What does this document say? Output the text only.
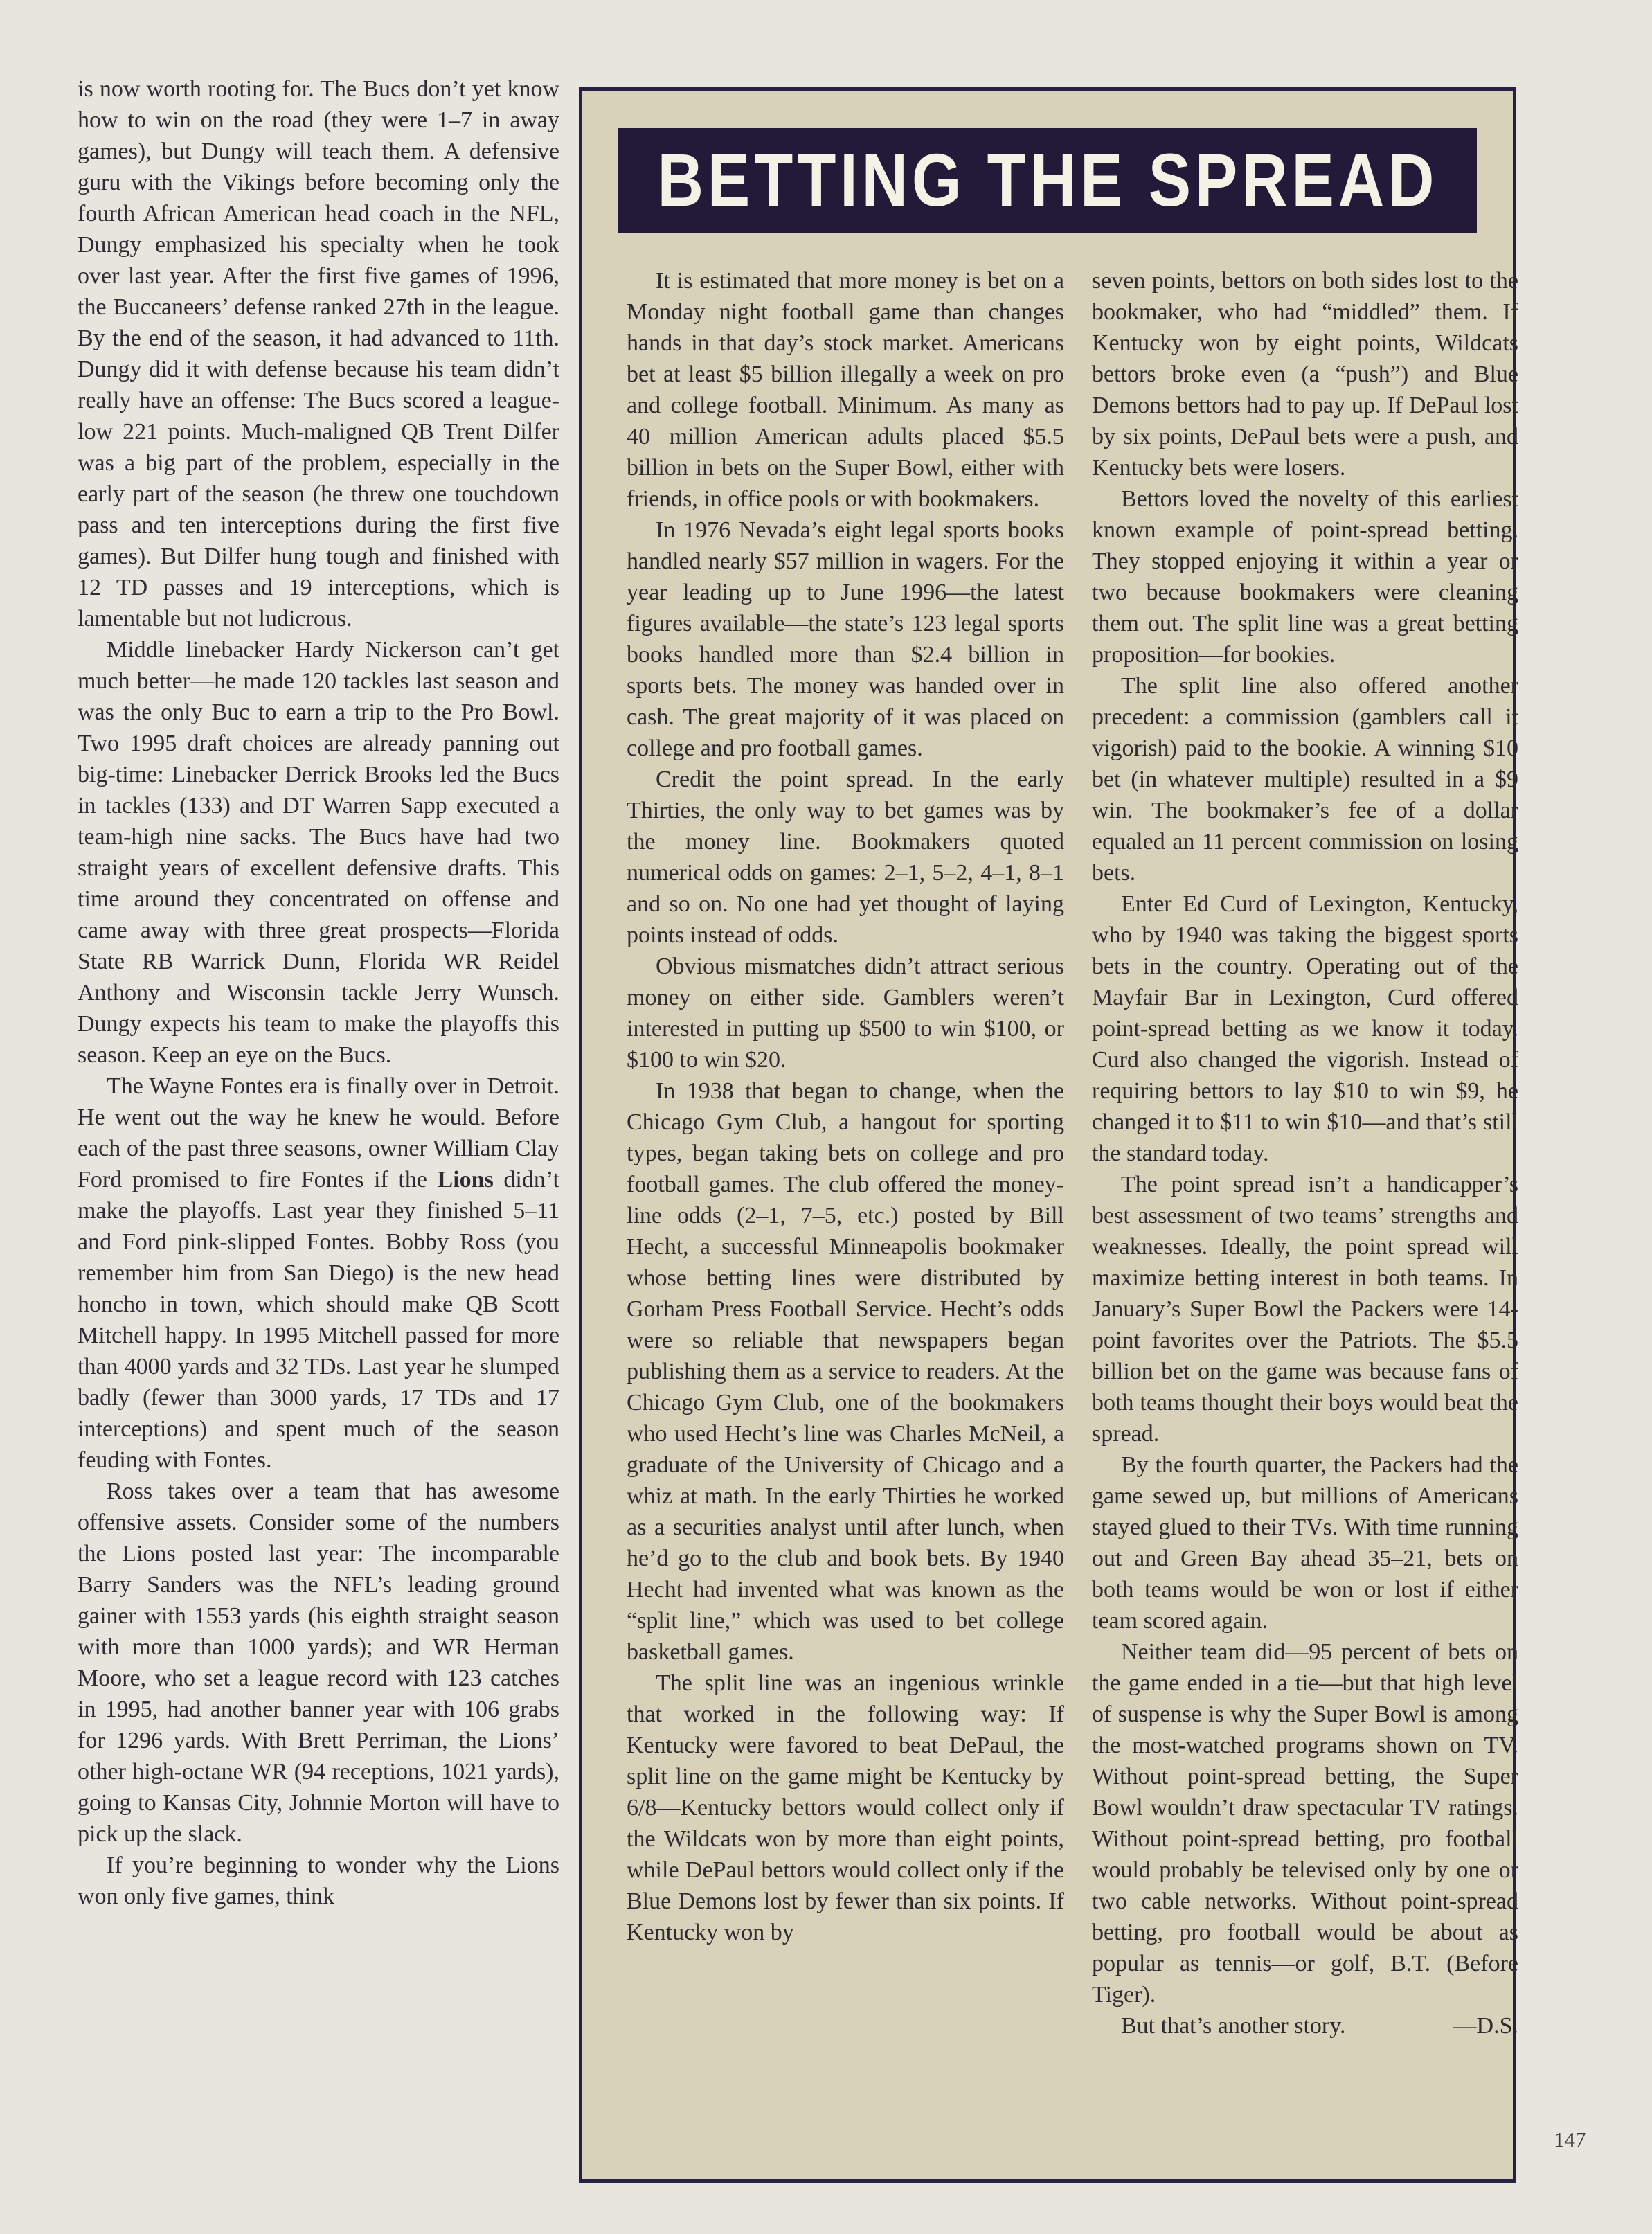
is now worth rooting for. The Bucs don’t yet know how to win on the road (they were 1–7 in away games), but Dungy will teach them. A defensive guru with the Vikings before becoming only the fourth African American head coach in the NFL, Dungy emphasized his specialty when he took over last year. After the first five games of 1996, the Buccaneers’ defense ranked 27th in the league. By the end of the season, it had advanced to 11th. Dungy did it with defense because his team didn’t really have an offense: The Bucs scored a league-low 221 points. Much-maligned QB Trent Dilfer was a big part of the problem, especially in the early part of the season (he threw one touchdown pass and ten interceptions during the first five games). But Dilfer hung tough and finished with 12 TD passes and 19 interceptions, which is lamentable but not ludicrous.

Middle linebacker Hardy Nickerson can’t get much better—he made 120 tackles last season and was the only Buc to earn a trip to the Pro Bowl. Two 1995 draft choices are already panning out big-time: Linebacker Derrick Brooks led the Bucs in tackles (133) and DT Warren Sapp executed a team-high nine sacks. The Bucs have had two straight years of excellent defensive drafts. This time around they concentrated on offense and came away with three great prospects—Florida State RB Warrick Dunn, Florida WR Reidel Anthony and Wisconsin tackle Jerry Wunsch. Dungy expects his team to make the playoffs this season. Keep an eye on the Bucs.

The Wayne Fontes era is finally over in Detroit. He went out the way he knew he would. Before each of the past three seasons, owner William Clay Ford promised to fire Fontes if the Lions didn’t make the playoffs. Last year they finished 5–11 and Ford pink-slipped Fontes. Bobby Ross (you remember him from San Diego) is the new head honcho in town, which should make QB Scott Mitchell happy. In 1995 Mitchell passed for more than 4000 yards and 32 TDs. Last year he slumped badly (fewer than 3000 yards, 17 TDs and 17 interceptions) and spent much of the season feuding with Fontes.

Ross takes over a team that has awesome offensive assets. Consider some of the numbers the Lions posted last year: The incomparable Barry Sanders was the NFL’s leading ground gainer with 1553 yards (his eighth straight season with more than 1000 yards); and WR Herman Moore, who set a league record with 123 catches in 1995, had another banner year with 106 grabs for 1296 yards. With Brett Perriman, the Lions’ other high-octane WR (94 receptions, 1021 yards), going to Kansas City, Johnnie Morton will have to pick up the slack.

If you’re beginning to wonder why the Lions won only five games, think

BETTING THE SPREAD

It is estimated that more money is bet on a Monday night football game than changes hands in that day’s stock market. Americans bet at least $5 billion illegally a week on pro and college football. Minimum. As many as 40 million American adults placed $5.5 billion in bets on the Super Bowl, either with friends, in office pools or with bookmakers.

In 1976 Nevada’s eight legal sports books handled nearly $57 million in wagers. For the year leading up to June 1996—the latest figures available—the state’s 123 legal sports books handled more than $2.4 billion in sports bets. The money was handed over in cash. The great majority of it was placed on college and pro football games.

Credit the point spread. In the early Thirties, the only way to bet games was by the money line. Bookmakers quoted numerical odds on games: 2–1, 5–2, 4–1, 8–1 and so on. No one had yet thought of laying points instead of odds.

Obvious mismatches didn’t attract serious money on either side. Gamblers weren’t interested in putting up $500 to win $100, or $100 to win $20.

In 1938 that began to change, when the Chicago Gym Club, a hangout for sporting types, began taking bets on college and pro football games. The club offered the money-line odds (2–1, 7–5, etc.) posted by Bill Hecht, a successful Minneapolis bookmaker whose betting lines were distributed by Gorham Press Football Service. Hecht’s odds were so reliable that newspapers began publishing them as a service to readers. At the Chicago Gym Club, one of the bookmakers who used Hecht’s line was Charles McNeil, a graduate of the University of Chicago and a whiz at math. In the early Thirties he worked as a securities analyst until after lunch, when he’d go to the club and book bets. By 1940 Hecht had invented what was known as the “split line,” which was used to bet college basketball games.

The split line was an ingenious wrinkle that worked in the following way: If Kentucky were favored to beat DePaul, the split line on the game might be Kentucky by 6/8—Kentucky bettors would collect only if the Wildcats won by more than eight points, while DePaul bettors would collect only if the Blue Demons lost by fewer than six points. If Kentucky won by

seven points, bettors on both sides lost to the bookmaker, who had “middled” them. If Kentucky won by eight points, Wildcats bettors broke even (a “push”) and Blue Demons bettors had to pay up. If DePaul lost by six points, DePaul bets were a push, and Kentucky bets were losers.

Bettors loved the novelty of this earliest known example of point-spread betting. They stopped enjoying it within a year or two because bookmakers were cleaning them out. The split line was a great betting proposition—for bookies.

The split line also offered another precedent: a commission (gamblers call it vigorish) paid to the bookie. A winning $10 bet (in whatever multiple) resulted in a $9 win. The bookmaker’s fee of a dollar equaled an 11 percent commission on losing bets.

Enter Ed Curd of Lexington, Kentucky, who by 1940 was taking the biggest sports bets in the country. Operating out of the Mayfair Bar in Lexington, Curd offered point-spread betting as we know it today. Curd also changed the vigorish. Instead of requiring bettors to lay $10 to win $9, he changed it to $11 to win $10—and that’s still the standard today.

The point spread isn’t a handicapper’s best assessment of two teams’ strengths and weaknesses. Ideally, the point spread will maximize betting interest in both teams. In January’s Super Bowl the Packers were 14-point favorites over the Patriots. The $5.5 billion bet on the game was because fans of both teams thought their boys would beat the spread.

By the fourth quarter, the Packers had the game sewed up, but millions of Americans stayed glued to their TVs. With time running out and Green Bay ahead 35–21, bets on both teams would be won or lost if either team scored again.

Neither team did—95 percent of bets on the game ended in a tie—but that high level of suspense is why the Super Bowl is among the most-watched programs shown on TV. Without point-spread betting, the Super Bowl wouldn’t draw spectacular TV ratings. Without point-spread betting, pro football would probably be televised only by one or two cable networks. Without point-spread betting, pro football would be about as popular as tennis—or golf, B.T. (Before Tiger).

But that’s another story.	—D.S.

147
